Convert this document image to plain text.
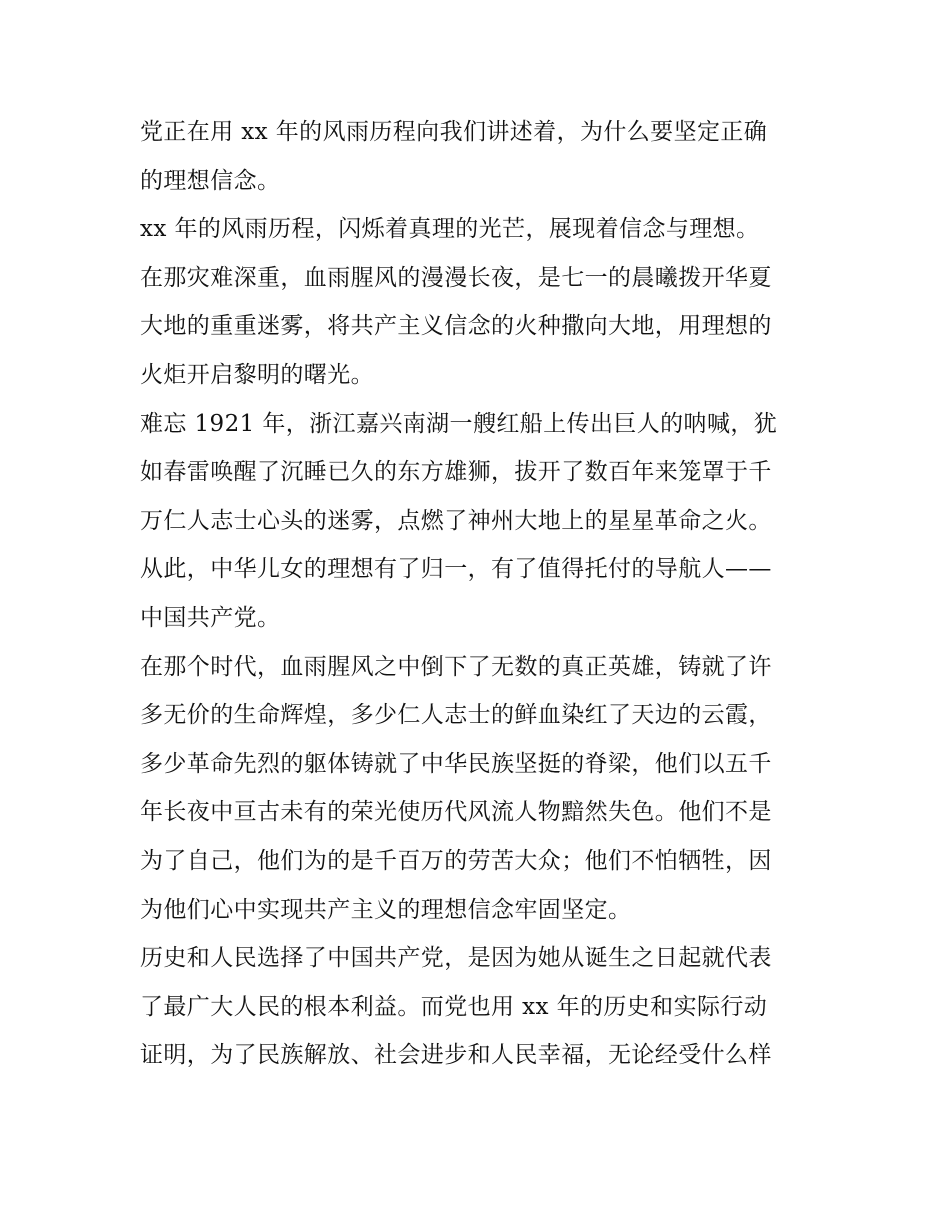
党正在用 xx 年的风雨历程向我们讲述着，为什么要坚定正确
的理想信念。

xx 年的风雨历程，闪烁着真理的光芒，展现着信念与理想。

在那灾难深重，血雨腥风的漫漫长夜，是七一的晨曦拨开华夏
大地的重重迷雾，将共产主义信念的火种撒向大地，用理想的
火炬开启黎明的曙光。

难忘 1921 年，浙江嘉兴南湖一艘红船上传出巨人的呐喊，犹
如春雷唤醒了沉睡已久的东方雄狮，拔开了数百年来笼罩于千
万仁人志士心头的迷雾，点燃了神州大地上的星星革命之火。

从此，中华儿女的理想有了归一，有了值得托付的导航人——
中国共产党。

在那个时代，血雨腥风之中倒下了无数的真正英雄，铸就了许
多无价的生命辉煌，多少仁人志士的鲜血染红了天边的云霞，
多少革命先烈的躯体铸就了中华民族坚挺的脊梁，他们以五千
年长夜中亘古未有的荣光使历代风流人物黯然失色。他们不是
为了自己，他们为的是千百万的劳苦大众；他们不怕牺牲，因
为他们心中实现共产主义的理想信念牢固坚定。

历史和人民选择了中国共产党，是因为她从诞生之日起就代表
了最广大人民的根本利益。而党也用 xx 年的历史和实际行动
证明，为了民族解放、社会进步和人民幸福，无论经受什么样
